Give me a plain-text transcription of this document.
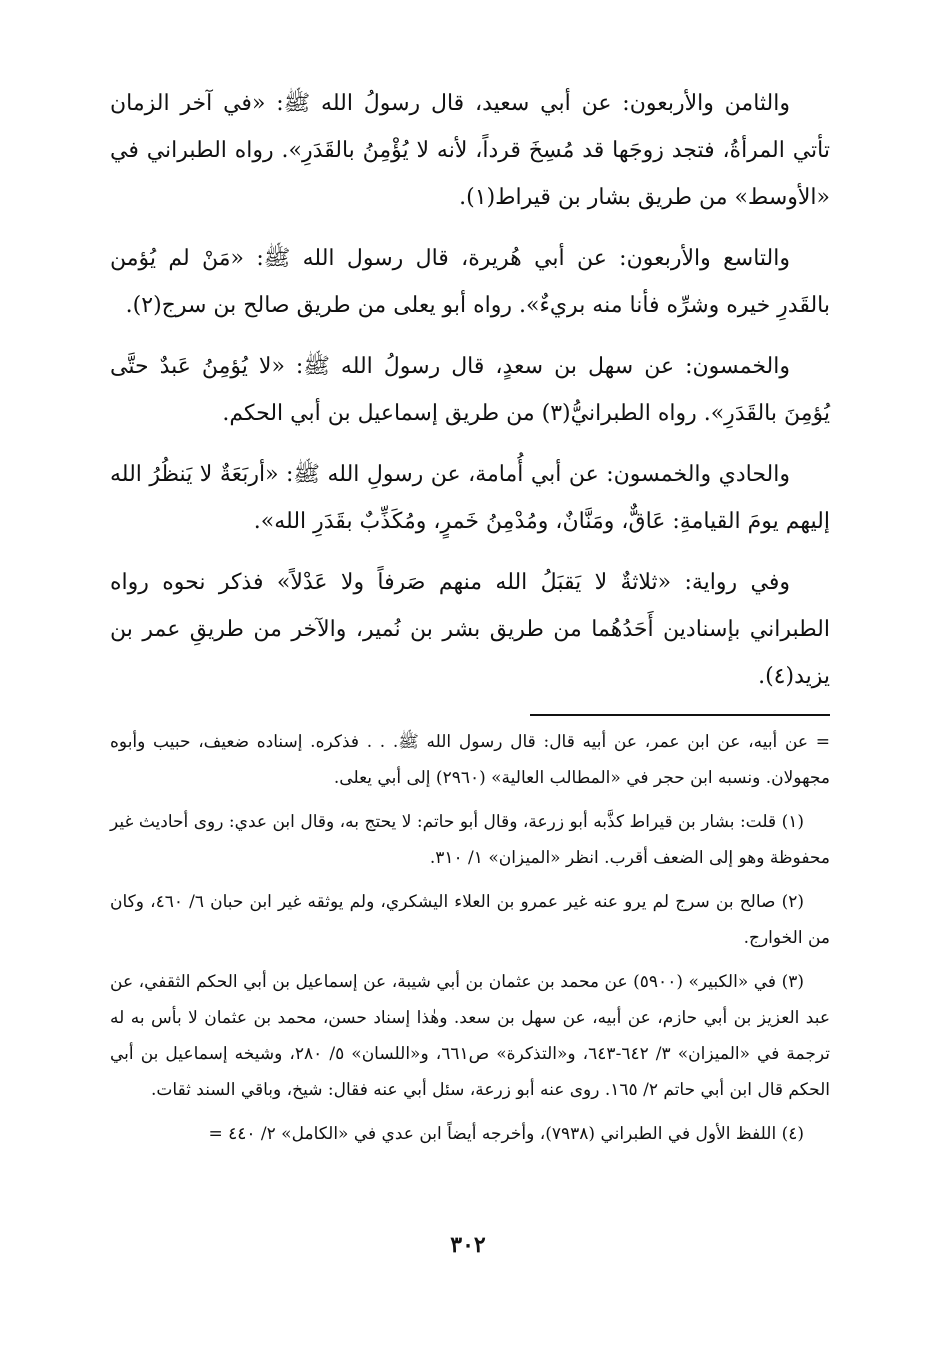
والثامن والأربعون: عن أبي سعيد، قال رسولُ الله ﷺ: «في آخر الزمان تأتي المرأةُ، فتجد زوجَها قد مُسِخَ قرداً، لأنه لا يُؤْمِنُ بالقَدَرِ». رواه الطبراني في «الأوسط» من طريق بشار بن قيراط(١).

والتاسع والأربعون: عن أبي هُريرة، قال رسول الله ﷺ: «مَنْ لم يُؤمن بالقَدرِ خيره وشرِّه فأنا منه بريءٌ». رواه أبو يعلى من طريق صالح بن سرج(٢).

والخمسون: عن سهل بن سعدٍ، قال رسولُ الله ﷺ: «لا يُؤمِنُ عَبدٌ حتَّى يُؤمِنَ بالقَدَرِ». رواه الطبرانيُّ(٣) من طريق إسماعيل بن أبي الحكم.

والحادي والخمسون: عن أبي أُمامة، عن رسولِ الله ﷺ: «أربَعَةٌ لا يَنظُرُ الله إليهم يومَ القيامةِ: عَاقٌّ، ومَنَّانٌ، ومُدْمِنُ خَمرٍ، ومُكَذِّبٌ بقَدَرِ الله».

وفي رواية: «ثلاثةٌ لا يَقبَلُ الله منهم صَرفاً ولا عَدْلاً» فذكر نحوه رواه الطبراني بإسنادين أَحَدُهُما من طريق بشر بن نُمير، والآخر من طريقِ عمر بن يزيد(٤).

= عن أبيه، عن ابن عمر، عن أبيه قال: قال رسول الله ﷺ. . . فذكره. إسناده ضعيف، حبيب وأبوه مجهولان. ونسبه ابن حجر في «المطالب العالية» (٢٩٦٠) إلى أبي يعلى.

(١) قلت: بشار بن قيراط كذَّبه أبو زرعة، وقال أبو حاتم: لا يحتج به، وقال ابن عدي: روى أحاديث غير محفوظة وهو إلى الضعف أقرب. انظر «الميزان» ١/ ٣١٠.

(٢) صالح بن سرج لم يرو عنه غير عمرو بن العلاء اليشكري، ولم يوثقه غير ابن حبان ٦/ ٤٦٠، وكان من الخوارج.

(٣) في «الكبير» (٥٩٠٠) عن محمد بن عثمان بن أبي شيبة، عن إسماعيل بن أبي الحكم الثقفي، عن عبد العزيز بن أبي حازم، عن أبيه، عن سهل بن سعد. وهٰذا إسناد حسن، محمد بن عثمان لا بأس به له ترجمة في «الميزان» ٣/ ٦٤٢-٦٤٣، و«التذكرة» ص٦٦١، و«اللسان» ٥/ ٢٨٠، وشيخه إسماعيل بن أبي الحكم قال ابن أبي حاتم ٢/ ١٦٥. روى عنه أبو زرعة، سئل أبي عنه فقال: شيخ، وباقي السند ثقات.

(٤) اللفظ الأول في الطبراني (٧٩٣٨)، وأخرجه أيضاً ابن عدي في «الكامل» ٢/ ٤٤٠ =

٣٠٢
